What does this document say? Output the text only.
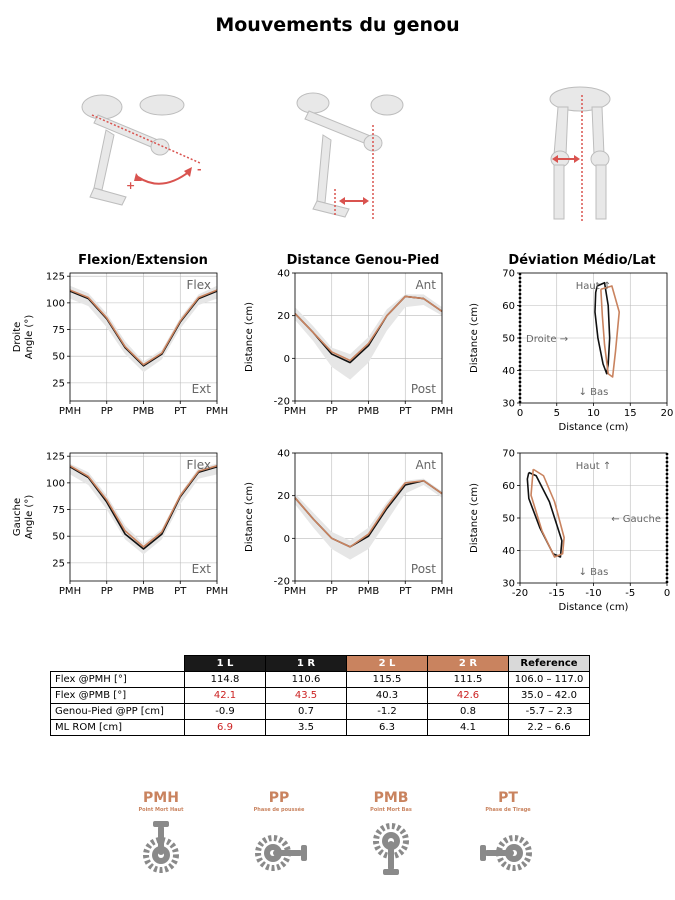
Mouvements du genou
+
-
Flexion/Extension	Distance Genou-Pied	Déviation Médio/Lat
PMH PP PMB PT PMH
25
50
75
100
125
Droite Angle (°)
Flex
Ext
PMH PP PMB PT PMH
-20
0
20
40
Distance (cm)
Ant
Post
0	5	10 15 20
30
40
50
60
70
Distance (cm)
Distance (cm)
Haut ↑
Droite →
↓ Bas
PMH PP PMB PT PMH
25
50
75
100
125
Gauche Angle (°)
Flex
Ext
PMH PP PMB PT PMH
-20
0
20
40
Distance (cm)
Ant
Post
-20 -15 -10 -5	0
30
40
50
60
70
Distance (cm)
Distance (cm)
Haut ↑
← Gauche
↓ Bas
	1 L	1 R	2 L	2 R	Reference
Flex @PMH [°]	114.8	110.6	115.5	111.5	106.0 – 117.0
Flex @PMB [°]	42.1	43.5	40.3	42.6	35.0 – 42.0
Genou-Pied @PP [cm]	-0.9	0.7	-1.2	0.8	-5.7 – 2.3
ML ROM [cm]	6.9	3.5	6.3	4.1	2.2 – 6.6
PMH
Point Mort Haut
PP
Phase de poussée
PMB
Point Mort Bas
PT
Phase de Tirage
